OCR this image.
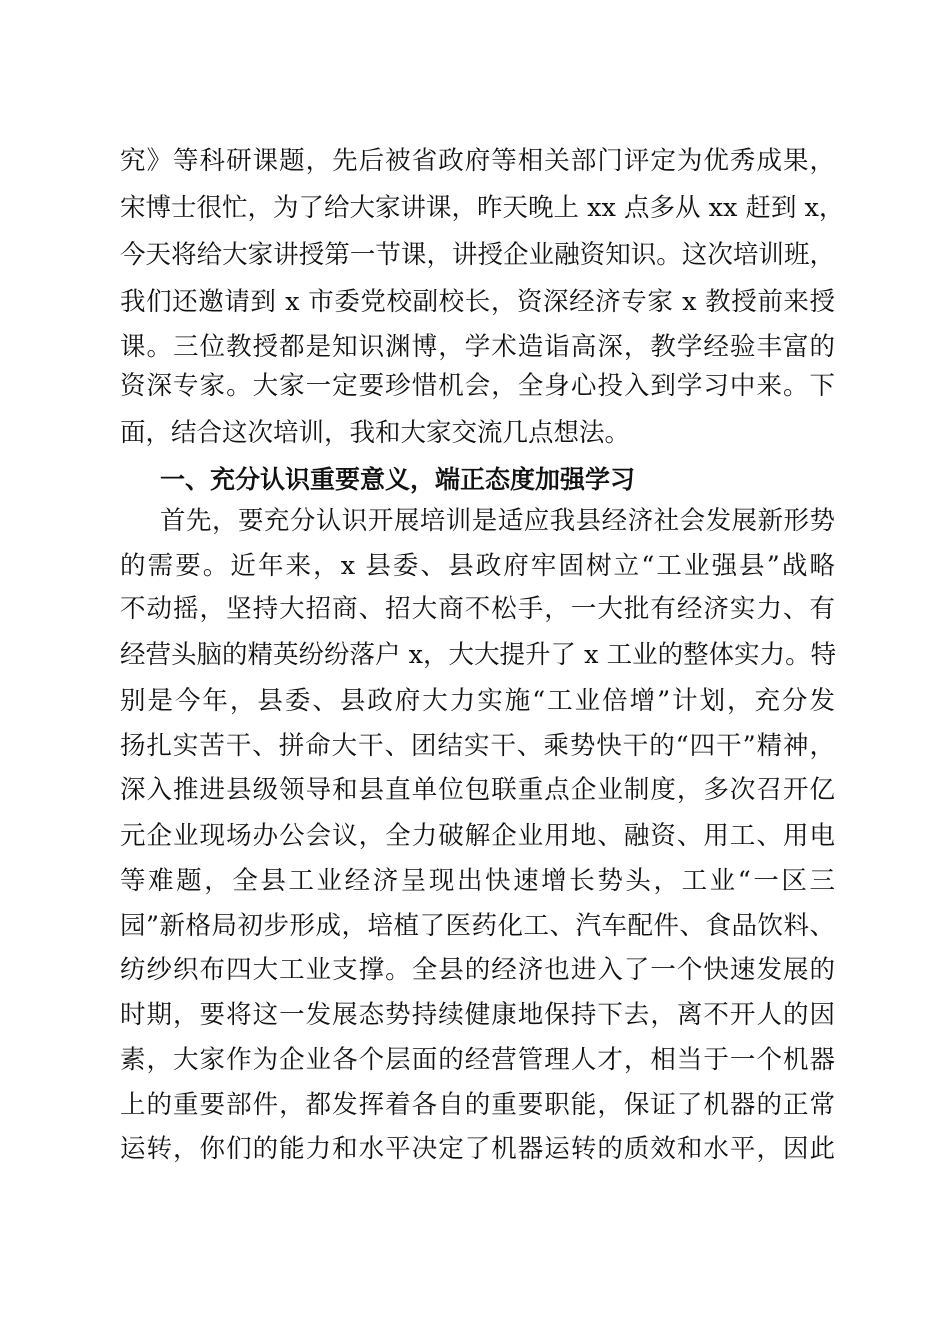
究》等科研课题，先后被省政府等相关部门评定为优秀成果，
宋博士很忙，为了给大家讲课，昨天晚上 xx 点多从 xx 赶到 x，
今天将给大家讲授第一节课，讲授企业融资知识。这次培训班，
我们还邀请到 x 市委党校副校长，资深经济专家 x 教授前来授
课。三位教授都是知识渊博，学术造诣高深，教学经验丰富的
资深专家。大家一定要珍惜机会，全身心投入到学习中来。下
面，结合这次培训，我和大家交流几点想法。
一、充分认识重要意义，端正态度加强学习
首先，要充分认识开展培训是适应我县经济社会发展新形势
的需要。近年来，x 县委、县政府牢固树立“工业强县”战略
不动摇，坚持大招商、招大商不松手，一大批有经济实力、有
经营头脑的精英纷纷落户 x，大大提升了 x 工业的整体实力。特
别是今年，县委、县政府大力实施“工业倍增”计划，充分发
扬扎实苦干、拼命大干、团结实干、乘势快干的“四干”精神，
深入推进县级领导和县直单位包联重点企业制度，多次召开亿
元企业现场办公会议，全力破解企业用地、融资、用工、用电
等难题，全县工业经济呈现出快速增长势头，工业“一区三
园”新格局初步形成，培植了医药化工、汽车配件、食品饮料、
纺纱织布四大工业支撑。全县的经济也进入了一个快速发展的
时期，要将这一发展态势持续健康地保持下去，离不开人的因
素，大家作为企业各个层面的经营管理人才，相当于一个机器
上的重要部件，都发挥着各自的重要职能，保证了机器的正常
运转，你们的能力和水平决定了机器运转的质效和水平，因此
